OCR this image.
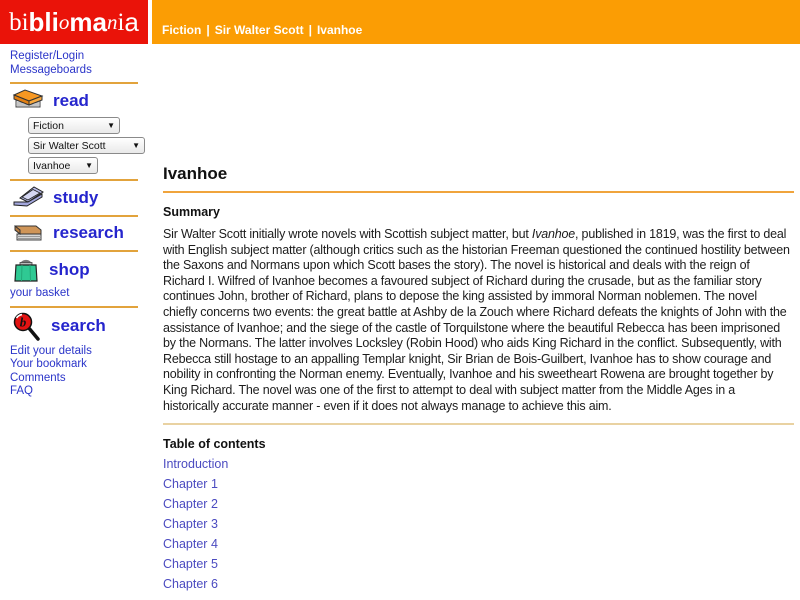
bi bli o ma n i a Fiction | Sir Walter Scott | Ivanhoe
Register/Login
Messageboards
read
Fiction	▼
Sir Walter Scott	▼
Ivanhoe ▼
study
research
shop
your basket
b search
Edit your details
Your bookmark
Comments
FAQ
Ivanhoe
Summary
Sir Walter Scott initially wrote novels with Scottish subject matter, but Ivanhoe, published in 1819, was the first to deal with English subject matter (although critics such as the historian Freeman questioned the continued hostility between the Saxons and Normans upon which Scott bases the story). The novel is historical and deals with the reign of Richard I. Wilfred of Ivanhoe becomes a favoured subject of Richard during the crusade, but as the familiar story continues John, brother of Richard, plans to depose the king assisted by immoral Norman noblemen. The novel chiefly concerns two events: the great battle at Ashby de la Zouch where Richard defeats the knights of John with the assistance of Ivanhoe; and the siege of the castle of Torquilstone where the beautiful Rebecca has been imprisoned by the Normans. The latter involves Locksley (Robin Hood) who aids King Richard in the conflict. Subsequently, with Rebecca still hostage to an appalling Templar knight, Sir Brian de Bois-Guilbert, Ivanhoe has to show courage and nobility in confronting the Norman enemy. Eventually, Ivanhoe and his sweetheart Rowena are brought together by King Richard. The novel was one of the first to attempt to deal with subject matter from the Middle Ages in a historically accurate manner - even if it does not always manage to achieve this aim.
Table of contents
Introduction
Chapter 1
Chapter 2
Chapter 3
Chapter 4
Chapter 5
Chapter 6
